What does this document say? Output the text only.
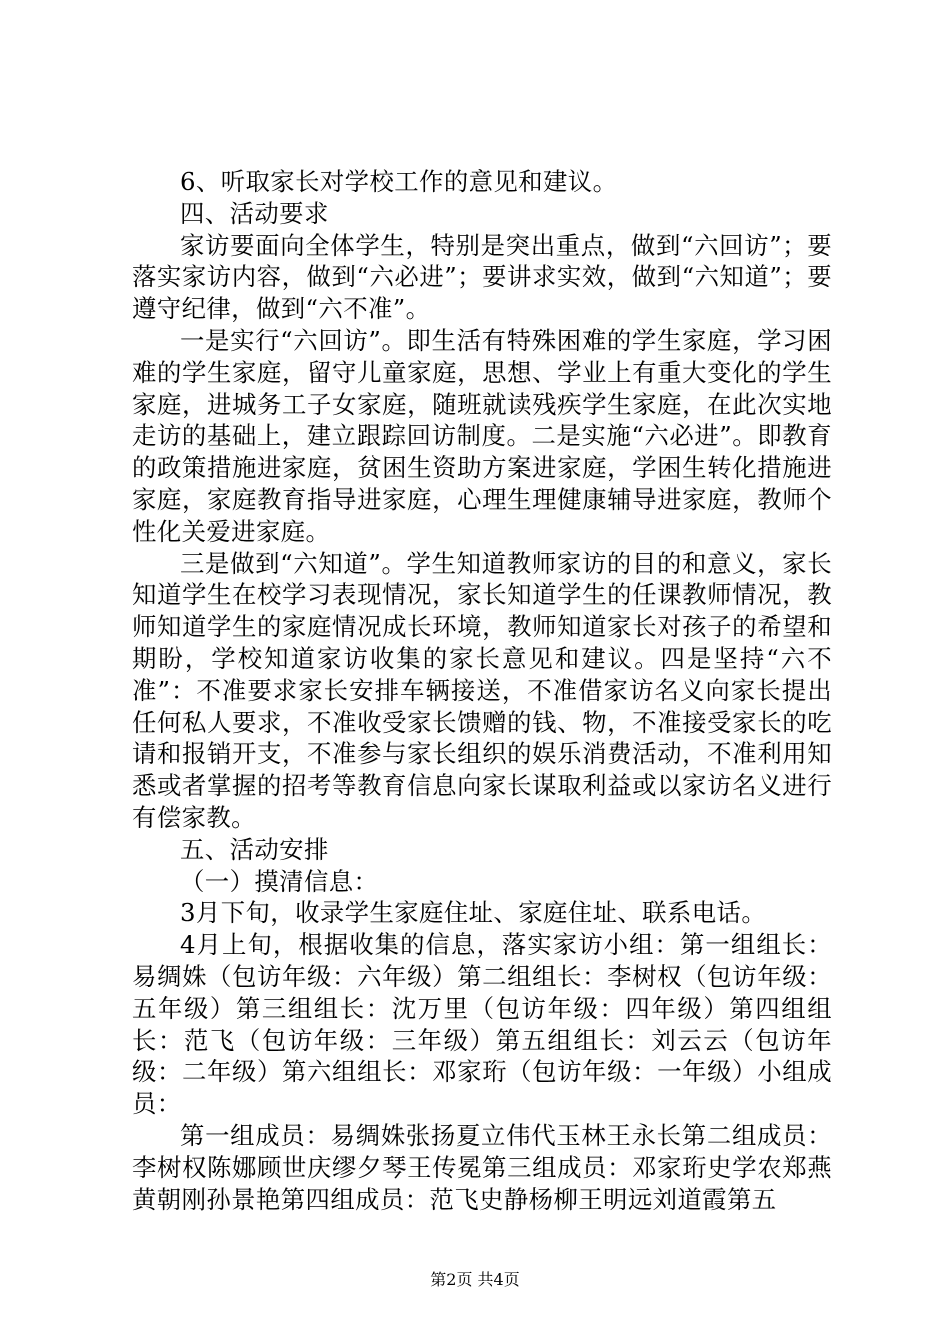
6、听取家长对学校工作的意见和建议。

四、活动要求

家访要面向全体学生，特别是突出重点，做到“六回访”；要落实家访内容，做到“六必进”；要讲求实效，做到“六知道”；要遵守纪律，做到“六不准”。

一是实行“六回访”。即生活有特殊困难的学生家庭，学习困难的学生家庭，留守儿童家庭，思想、学业上有重大变化的学生家庭，进城务工子女家庭，随班就读残疾学生家庭，在此次实地走访的基础上，建立跟踪回访制度。二是实施“六必进”。即教育的政策措施进家庭，贫困生资助方案进家庭，学困生转化措施进家庭，家庭教育指导进家庭，心理生理健康辅导进家庭，教师个性化关爱进家庭。

三是做到“六知道”。学生知道教师家访的目的和意义，家长知道学生在校学习表现情况，家长知道学生的任课教师情况，教师知道学生的家庭情况成长环境，教师知道家长对孩子的希望和期盼，学校知道家访收集的家长意见和建议。四是坚持“六不准”：不准要求家长安排车辆接送，不准借家访名义向家长提出任何私人要求，不准收受家长馈赠的钱、物，不准接受家长的吃请和报销开支，不准参与家长组织的娱乐消费活动，不准利用知悉或者掌握的招考等教育信息向家长谋取利益或以家访名义进行有偿家教。

五、活动安排

（一）摸清信息：

3月下旬，收录学生家庭住址、家庭住址、联系电话。

4月上旬，根据收集的信息，落实家访小组：第一组组长：易绸姝（包访年级：六年级）第二组组长：李树权（包访年级：五年级）第三组组长：沈万里（包访年级：四年级）第四组组长：范飞（包访年级：三年级）第五组组长：刘云云（包访年级：二年级）第六组组长：邓家珩（包访年级：一年级）小组成员：

第一组成员：易绸姝张扬夏立伟代玉林王永长第二组成员：李树权陈娜顾世庆缪夕琴王传冕第三组成员：邓家珩史学农郑燕黄朝刚孙景艳第四组成员：范飞史静杨柳王明远刘道霞第五

第2页 共4页
